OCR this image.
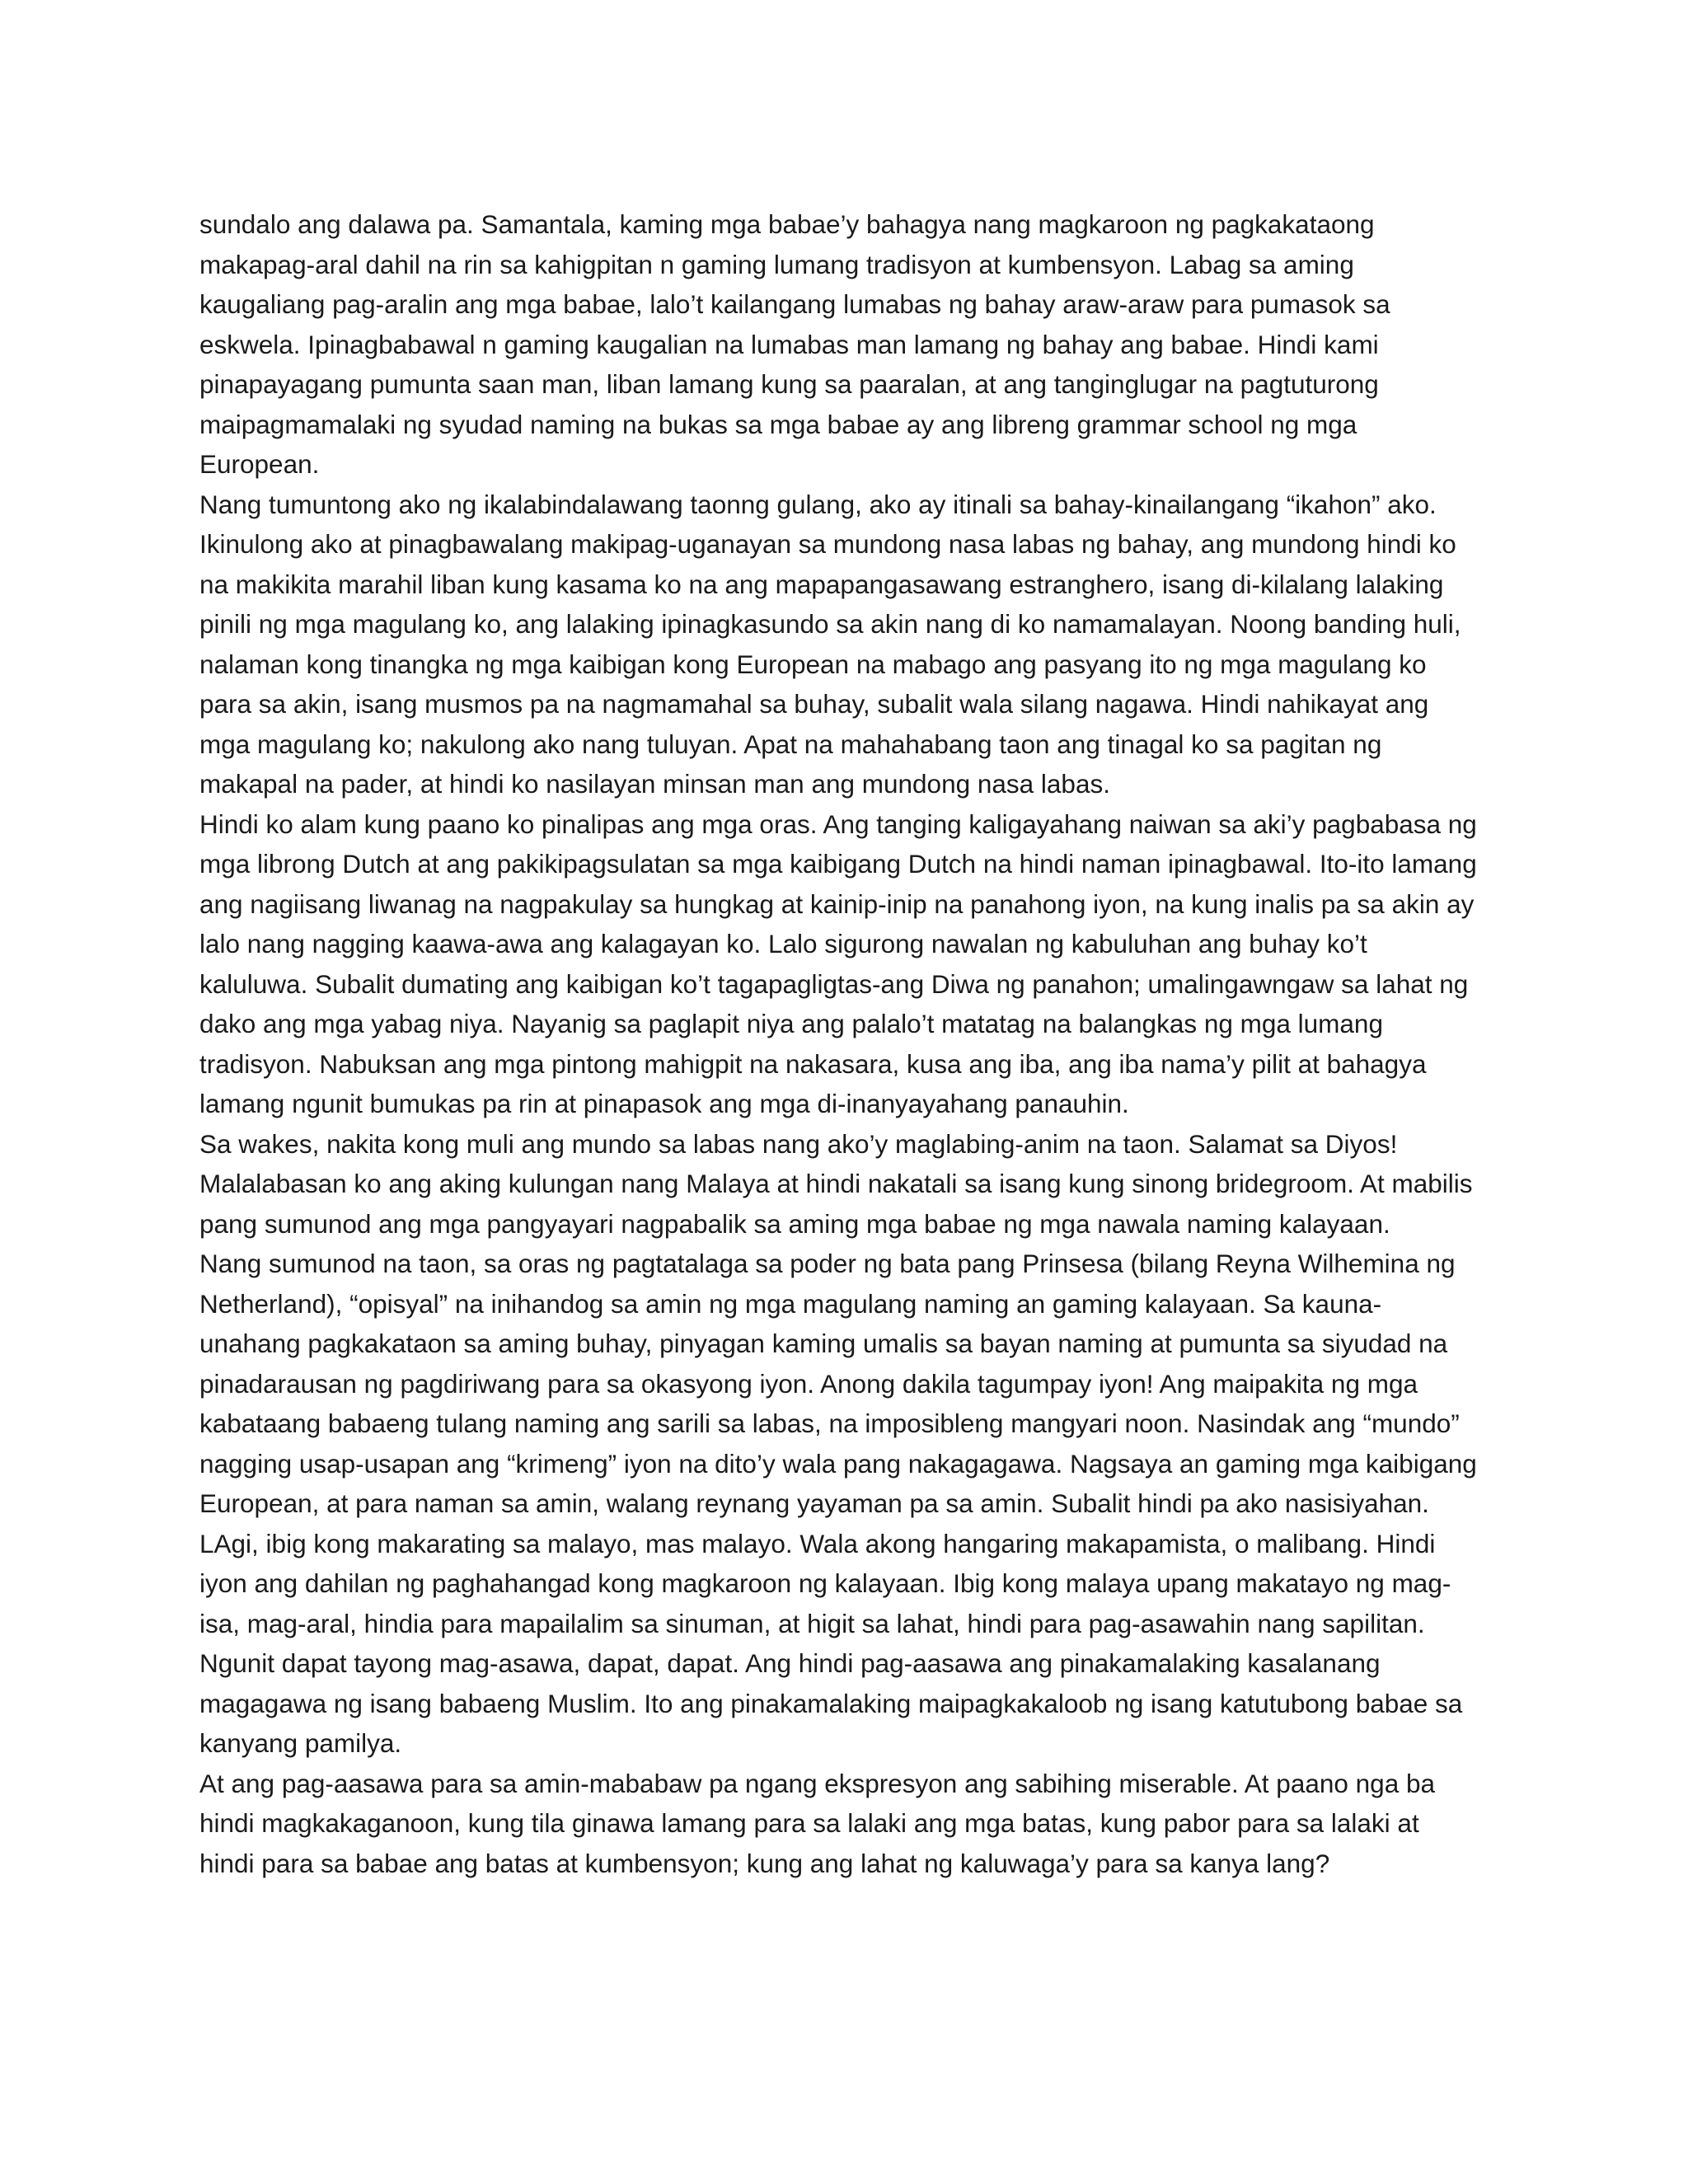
sundalo ang dalawa pa. Samantala, kaming mga babae’y bahagya nang magkaroon ng pagkakataong
makapag-aral dahil na rin sa kahigpitan n gaming lumang tradisyon at kumbensyon. Labag sa aming
kaugaliang pag-aralin ang mga babae, lalo’t kailangang lumabas ng bahay araw-araw para pumasok sa
eskwela. Ipinagbabawal n gaming kaugalian na lumabas man lamang ng bahay ang babae. Hindi kami
pinapayagang pumunta saan man, liban lamang kung sa paaralan, at ang tanginglugar na pagtuturong
maipagmamalaki ng syudad naming na bukas sa mga babae ay ang libreng grammar school ng mga
European.
Nang tumuntong ako ng ikalabindalawang taonng gulang, ako ay itinali sa bahay-kinailangang “ikahon” ako.
Ikinulong ako at pinagbawalang makipag-uganayan sa mundong nasa labas ng bahay, ang mundong hindi ko
na makikita marahil liban kung kasama ko na ang mapapangasawang estranghero, isang di-kilalang lalaking
pinili ng mga magulang ko, ang lalaking ipinagkasundo sa akin nang di ko namamalayan. Noong banding huli,
nalaman kong tinangka ng mga kaibigan kong European na mabago ang pasyang ito ng mga magulang ko
para sa akin, isang musmos pa na nagmamahal sa buhay, subalit wala silang nagawa. Hindi nahikayat ang
mga magulang ko; nakulong ako nang tuluyan. Apat na mahahabang taon ang tinagal ko sa pagitan ng
makapal na pader, at hindi ko nasilayan minsan man ang mundong nasa labas.
Hindi ko alam kung paano ko pinalipas ang mga oras. Ang tanging kaligayahang naiwan sa aki’y pagbabasa ng
mga librong Dutch at ang pakikipagsulatan sa mga kaibigang Dutch na hindi naman ipinagbawal. Ito-ito lamang
ang nagiisang liwanag na nagpakulay sa hungkag at kainip-inip na panahong iyon, na kung inalis pa sa akin ay
lalo nang nagging kaawa-awa ang kalagayan ko. Lalo sigurong nawalan ng kabuluhan ang buhay ko’t
kaluluwa. Subalit dumating ang kaibigan ko’t tagapagligtas-ang Diwa ng panahon; umalingawngaw sa lahat ng
dako ang mga yabag niya. Nayanig sa paglapit niya ang palalo’t matatag na balangkas ng mga lumang
tradisyon. Nabuksan ang mga pintong mahigpit na nakasara, kusa ang iba, ang iba nama’y pilit at bahagya
lamang ngunit bumukas pa rin at pinapasok ang mga di-inanyayahang panauhin.
Sa wakes, nakita kong muli ang mundo sa labas nang ako’y maglabing-anim na taon. Salamat sa Diyos!
Malalabasan ko ang aking kulungan nang Malaya at hindi nakatali sa isang kung sinong bridegroom. At mabilis
pang sumunod ang mga pangyayari nagpabalik sa aming mga babae ng mga nawala naming kalayaan.
Nang sumunod na taon, sa oras ng pagtatalaga sa poder ng bata pang Prinsesa (bilang Reyna Wilhemina ng
Netherland), “opisyal” na inihandog sa amin ng mga magulang naming an gaming kalayaan. Sa kauna-
unahang pagkakataon sa aming buhay, pinyagan kaming umalis sa bayan naming at pumunta sa siyudad na
pinadarausan ng pagdiriwang para sa okasyong iyon. Anong dakila tagumpay iyon! Ang maipakita ng mga
kabataang babaeng tulang naming ang sarili sa labas, na imposibleng mangyari noon. Nasindak ang “mundo”
nagging usap-usapan ang “krimeng” iyon na dito’y wala pang nakagagawa. Nagsaya an gaming mga kaibigang
European, at para naman sa amin, walang reynang yayaman pa sa amin. Subalit hindi pa ako nasisiyahan.
LAgi, ibig kong makarating sa malayo, mas malayo. Wala akong hangaring makapamista, o malibang. Hindi
iyon ang dahilan ng paghahangad kong magkaroon ng kalayaan. Ibig kong malaya upang makatayo ng mag-
isa, mag-aral, hindia para mapailalim sa sinuman, at higit sa lahat, hindi para pag-asawahin nang sapilitan.
Ngunit dapat tayong mag-asawa, dapat, dapat. Ang hindi pag-aasawa ang pinakamalaking kasalanang
magagawa ng isang babaeng Muslim. Ito ang pinakamalaking maipagkakaloob ng isang katutubong babae sa
kanyang pamilya.
At ang pag-aasawa para sa amin-mababaw pa ngang ekspresyon ang sabihing miserable. At paano nga ba
hindi magkakaganoon, kung tila ginawa lamang para sa lalaki ang mga batas, kung pabor para sa lalaki at
hindi para sa babae ang batas at kumbensyon; kung ang lahat ng kaluwaga’y para sa kanya lang?
